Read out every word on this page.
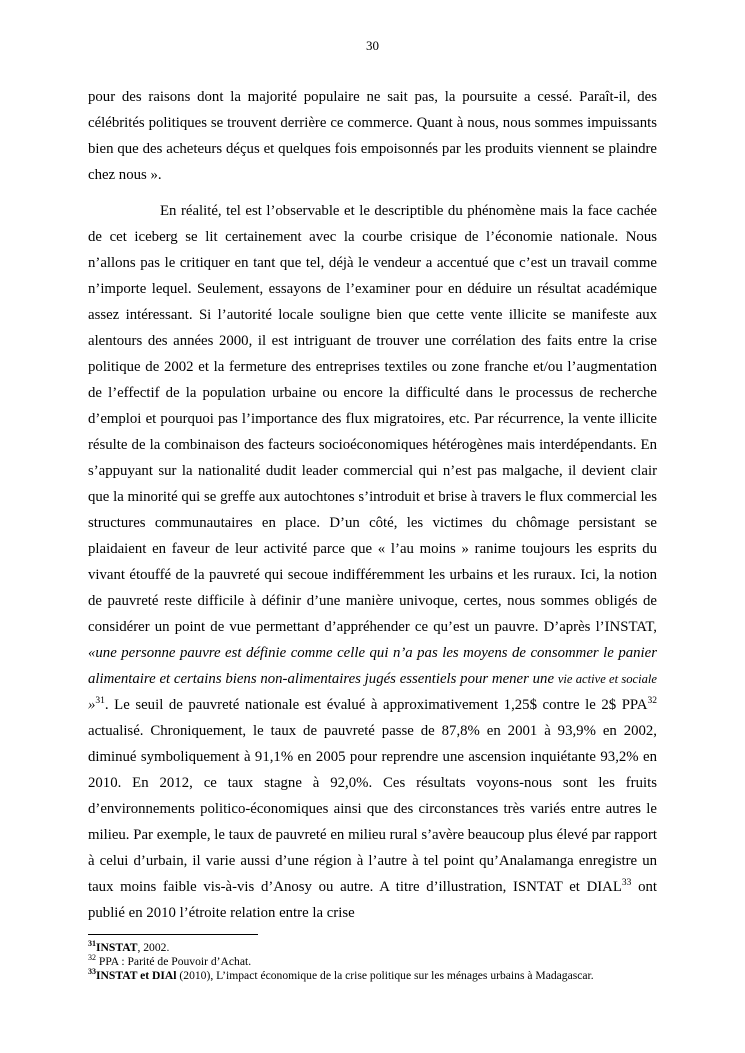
30

pour des raisons dont la majorité populaire ne sait pas, la poursuite a cessé. Paraît-il, des célébrités politiques se trouvent derrière ce commerce. Quant à nous, nous sommes impuissants bien que des acheteurs déçus et quelques fois empoisonnés par les produits viennent se plaindre chez nous ».

En réalité, tel est l’observable et le descriptible du phénomène mais la face cachée de cet iceberg se lit certainement avec la courbe crisique de l’économie nationale. Nous n’allons pas le critiquer en tant que tel, déjà le vendeur a accentué que c’est un travail comme n’importe lequel. Seulement, essayons de l’examiner pour en déduire un résultat académique assez intéressant. Si l’autorité locale souligne bien que cette vente illicite se manifeste aux alentours des années 2000, il est intriguant de trouver une corrélation des faits entre la crise politique de 2002 et la fermeture des entreprises textiles ou zone franche et/ou l’augmentation de l’effectif de la population urbaine ou encore la difficulté dans le processus de recherche d’emploi et pourquoi pas l’importance des flux migratoires, etc. Par récurrence, la vente illicite résulte de la combinaison des facteurs socioéconomiques hétérogènes mais interdépendants. En s’appuyant sur la nationalité dudit leader commercial qui n’est pas malgache, il devient clair que la minorité qui se greffe aux autochtones s’introduit et brise à travers le flux commercial les structures communautaires en place. D’un côté, les victimes du chômage persistant se plaidaient en faveur de leur activité parce que « l’au moins » ranime toujours les esprits du vivant étouffé de la pauvreté qui secoue indifféremment les urbains et les ruraux. Ici, la notion de pauvreté reste difficile à définir d’une manière univoque, certes, nous sommes obligés de considérer un point de vue permettant d’appréhender ce qu’est un pauvre. D’après l’INSTAT, «une personne pauvre est définie comme celle qui n’a pas les moyens de consommer le panier alimentaire et certains biens non-alimentaires jugés essentiels pour mener une vie active et sociale »$^{31}$. Le seuil de pauvreté nationale est évalué à approximativement 1,25$ contre le 2$ PPA$^{32}$ actualisé. Chroniquement, le taux de pauvreté passe de 87,8% en 2001 à 93,9% en 2002, diminué symboliquement à 91,1% en 2005 pour reprendre une ascension inquiétante 93,2% en 2010. En 2012, ce taux stagne à 92,0%. Ces résultats voyons-nous sont les fruits d’environnements politico-économiques ainsi que des circonstances très variés entre autres le milieu. Par exemple, le taux de pauvreté en milieu rural s’avère beaucoup plus élevé par rapport à celui d’urbain, il varie aussi d’une région à l’autre à tel point qu’Analamanga enregistre un taux moins faible vis-à-vis d’Anosy ou autre. A titre d’illustration, ISNTAT et DIAL$^{33}$ ont publié en 2010 l’étroite relation entre la crise

$^{31}$INSTAT, 2002.
$^{32}$ PPA : Parité de Pouvoir d’Achat.
$^{33}$INSTAT et DIAl (2010), L’impact économique de la crise politique sur les ménages urbains à Madagascar.
